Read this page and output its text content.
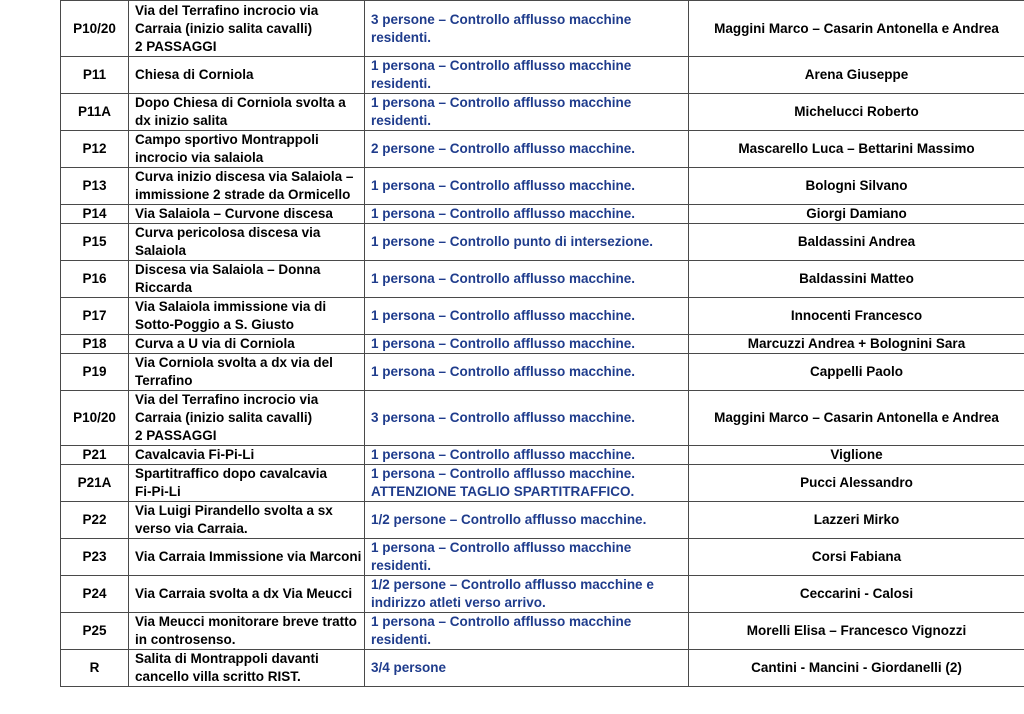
P10/20	Via del Terrafino incrocio via
Carraia (inizio salita cavalli)
2 PASSAGGI	3 persone – Controllo afflusso macchine
residenti.	Maggini Marco – Casarin Antonella e Andrea
P11	Chiesa di Corniola	1 persona – Controllo afflusso macchine
residenti.	Arena Giuseppe
P11A	Dopo Chiesa di Corniola svolta a
dx inizio salita	1 persona – Controllo afflusso macchine
residenti.	Michelucci Roberto
P12	Campo sportivo Montrappoli
incrocio via salaiola	2 persone – Controllo afflusso macchine.	Mascarello Luca – Bettarini Massimo
P13	Curva inizio discesa via Salaiola –
immissione 2 strade da Ormicello	1 persona – Controllo afflusso macchine.	Bologni Silvano
P14	Via Salaiola – Curvone discesa	1 persona – Controllo afflusso macchine.	Giorgi Damiano
P15	Curva pericolosa discesa via
Salaiola	1 persone – Controllo punto di intersezione.	Baldassini Andrea
P16	Discesa via Salaiola – Donna
Riccarda	1 persona – Controllo afflusso macchine.	Baldassini Matteo
P17	Via Salaiola immissione via di
Sotto-Poggio a S. Giusto	1 persona – Controllo afflusso macchine.	Innocenti Francesco
P18	Curva a U via di Corniola	1 persona – Controllo afflusso macchine.	Marcuzzi Andrea + Bolognini Sara
P19	Via Corniola svolta a dx via del
Terrafino	1 persona – Controllo afflusso macchine.	Cappelli Paolo
P10/20	Via del Terrafino incrocio via
Carraia (inizio salita cavalli)
2 PASSAGGI	3 persona – Controllo afflusso macchine.	Maggini Marco – Casarin Antonella e Andrea
P21	Cavalcavia Fi-Pi-Li	1 persona – Controllo afflusso macchine.	Viglione
P21A	Spartitraffico dopo cavalcavia
Fi-Pi-Li	1 persona – Controllo afflusso macchine.
ATTENZIONE TAGLIO SPARTITRAFFICO.	Pucci Alessandro
P22	Via Luigi Pirandello svolta a sx
verso via Carraia.	1/2 persone – Controllo afflusso macchine.	Lazzeri Mirko
P23	Via Carraia Immissione via Marconi	1 persona – Controllo afflusso macchine
residenti.	Corsi Fabiana
P24	Via Carraia svolta a dx Via Meucci	1/2 persone – Controllo afflusso macchine e
indirizzo atleti verso arrivo.	Ceccarini - Calosi
P25	Via Meucci monitorare breve tratto
in controsenso.	1 persona – Controllo afflusso macchine
residenti.	Morelli Elisa – Francesco Vignozzi
R	Salita di Montrappoli davanti
cancello villa scritto RIST.	3/4 persone	Cantini - Mancini - Giordanelli (2)
